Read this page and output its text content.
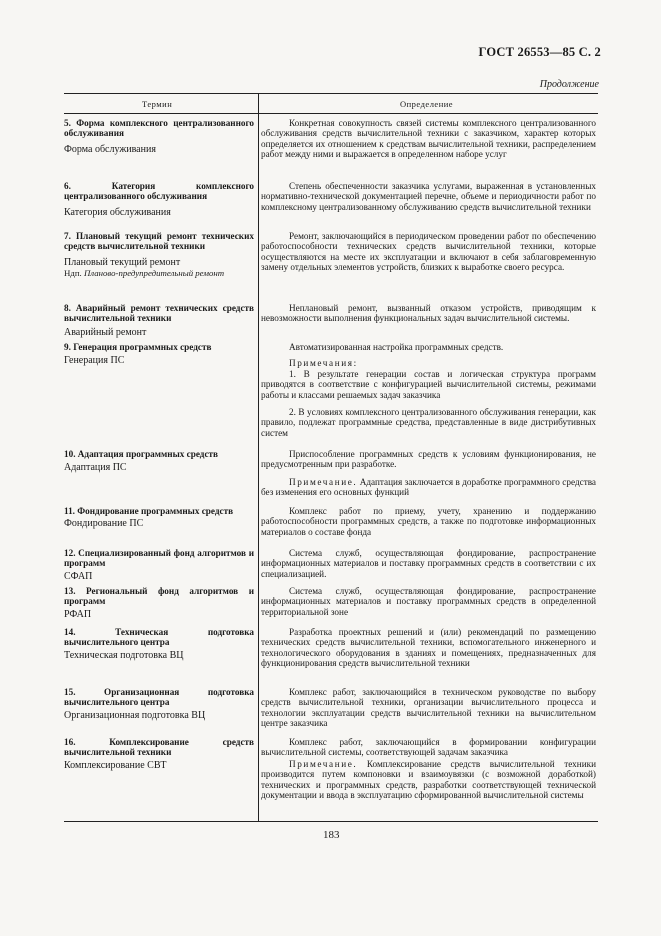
ГОСТ 26553—85 С. 2
Продолжение
Термин	Определение
5. Форма комплексного централизованного обслуживания
Форма обслуживания
Конкретная совокупность связей системы комплексного централизованного обслуживания средств вычислительной техники с заказчиком, характер которых определяется их отношением к средствам вычислительной техники, распределением работ между ними и выражается в определенном наборе услуг
6. Категория комплексного централизованного обслуживания
Категория обслуживания
Степень обеспеченности заказчика услугами, выраженная в установленных нормативно-технической документацией перечне, объеме и периодичности работ по комплексному централизованному обслуживанию средств вычислительной техники
7. Плановый текущий ремонт технических средств вычислительной техники
Плановый текущий ремонт
Ндп. Планово-предупредительный ремонт
Ремонт, заключающийся в периодическом проведении работ по обеспечению работоспособности технических средств вычислительной техники, которые осуществляются на месте их эксплуатации и включают в себя заблаговременную замену отдельных элементов устройств, близких к выработке своего ресурса.
8. Аварийный ремонт технических средств вычислительной техники
Аварийный ремонт
Неплановый ремонт, вызванный отказом устройств, приводящим к невозможности выполнения функциональных задач вычислительной системы.
9. Генерация программных средств
Генерация ПС
Автоматизированная настройка программных средств.
Примечания:
1. В результате генерации состав и логическая структура программ приводятся в соответствие с конфигурацией вычислительной системы, режимами работы и классами решаемых задач заказчика
2. В условиях комплексного централизованного обслуживания генерации, как правило, подлежат программные средства, представленные в виде дистрибутивных систем
10. Адаптация программных средств
Адаптация ПС
Приспособление программных средств к условиям функционирования, не предусмотренным при разработке.
Примечание. Адаптация заключается в доработке программного средства без изменения его основных функций
11. Фондирование программных средств
Фондирование ПС
Комплекс работ по приему, учету, хранению и поддержанию работоспособности программных средств, а также по подготовке информационных материалов о составе фонда
12. Специализированный фонд алгоритмов и программ
СФАП
Система служб, осуществляющая фондирование, распространение информационных материалов и поставку программных средств в соответствии с их специализацией.
13. Региональный фонд алгоритмов и программ
РФАП
Система служб, осуществляющая фондирование, распространение информационных материалов и поставку программных средств в определенной территориальной зоне
14. Техническая подготовка вычислительного центра
Техническая подготовка ВЦ
Разработка проектных решений и (или) рекомендаций по размещению технических средств вычислительной техники, вспомогательного инженерного и технологического оборудования в зданиях и помещениях, предназначенных для функционирования средств вычислительной техники
15. Организационная подготовка вычислительного центра
Организационная подготовка ВЦ
Комплекс работ, заключающийся в техническом руководстве по выбору средств вычислительной техники, организации вычислительного процесса и технологии эксплуатации средств вычислительной техники на вычислительном центре заказчика
16. Комплексирование средств вычислительной техники
Комплексирование СВТ
Комплекс работ, заключающийся в формировании конфигурации вычислительной системы, соответствующей задачам заказчика
Примечание. Комплексирование средств вычислительной техники производится путем компоновки и взаимоувязки (с возможной доработкой) технических и программных средств, разработки соответствующей технической документации и ввода в эксплуатацию сформированной вычислительной системы
183
